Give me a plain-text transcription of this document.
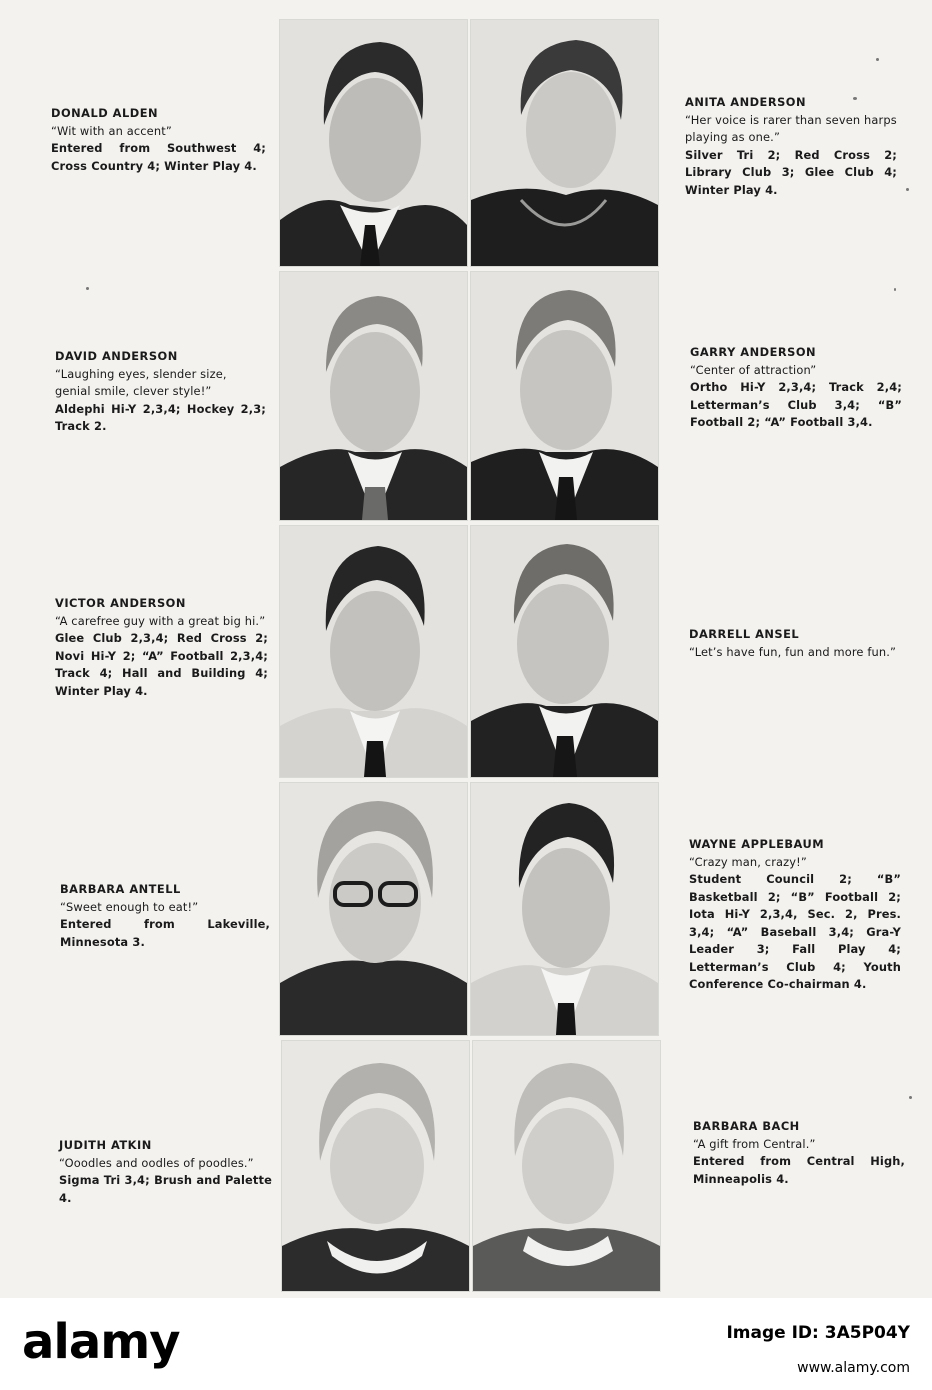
DONALD ALDEN
“Wit with an accent”
Entered from Southwest 4; Cross Country 4; Winter Play 4.
ANITA ANDERSON
“Her voice is rarer than seven harps playing as one.”
Silver Tri 2; Red Cross 2; Library Club 3; Glee Club 4; Winter Play 4.
DAVID ANDERSON
“Laughing eyes, slender size, genial smile, clever style!”
Aldephi Hi-Y 2,3,4; Hockey 2,3; Track 2.
GARRY ANDERSON
“Center of attraction”
Ortho Hi-Y 2,3,4; Track 2,4; Letterman’s Club 3,4; “B” Football 2; “A” Football 3,4.
VICTOR ANDERSON
“A carefree guy with a great big hi.”
Glee Club 2,3,4; Red Cross 2; Novi Hi-Y 2; “A” Football 2,3,4; Track 4; Hall and Building 4; Winter Play 4.
DARRELL ANSEL
“Let’s have fun, fun and more fun.”
BARBARA ANTELL
“Sweet enough to eat!”
Entered from Lakeville, Minnesota 3.
WAYNE APPLEBAUM
“Crazy man, crazy!”
Student Council 2; “B” Basketball 2; “B” Football 2; Iota Hi-Y 2,3,4, Sec. 2, Pres. 3,4; “A” Baseball 3,4; Gra-Y Leader 3; Fall Play 4; Letterman’s Club 4; Youth Conference Co-chairman 4.
JUDITH ATKIN
“Ooodles and oodles of poodles.”
Sigma Tri 3,4; Brush and Palette 4.
BARBARA BACH
“A gift from Central.”
Entered from Central High, Minneapolis 4.
alamy	Image ID: 3A5P04Y
www.alamy.com
